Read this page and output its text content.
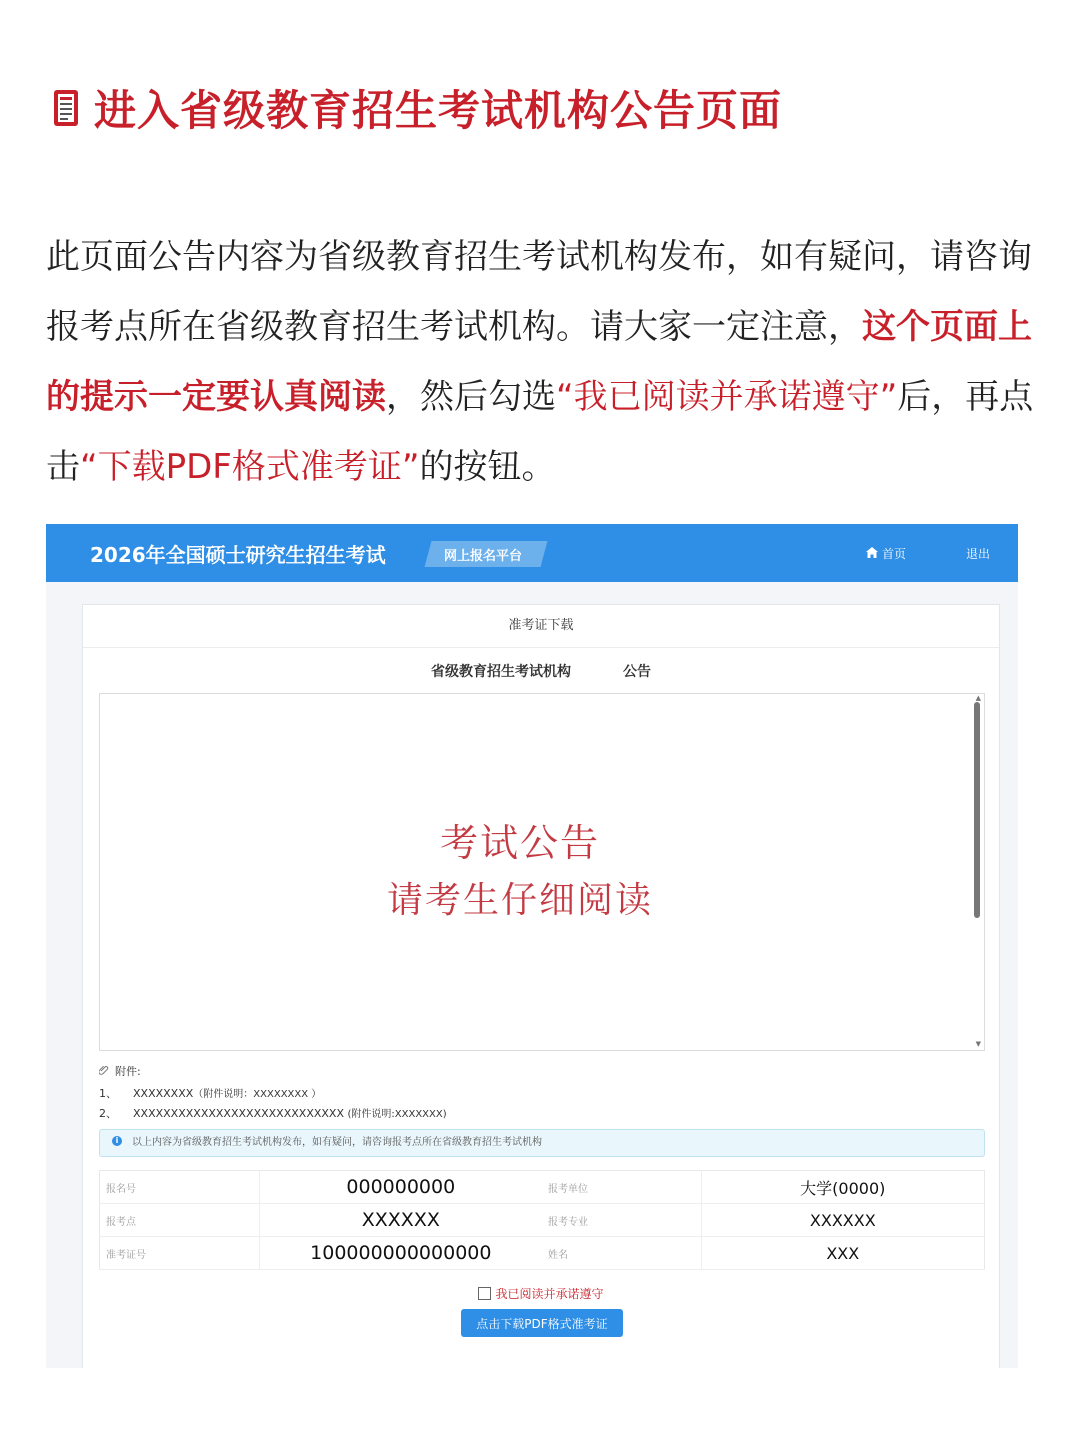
进入省级教育招生考试机构公告页面
此页面公告内容为省级教育招生考试机构发布，如有疑问，请咨询报考点所在省级教育招生考试机构。请大家一定注意，这个页面上的提示一定要认真阅读，然后勾选“我已阅读并承诺遵守”后，再点击“下载PDF格式准考证”的按钮。
2026年全国硕士研究生招生考试	网上报名平台	首页	退出
准考证下载
省级教育招生考试机构	公告
考试公告
请考生仔细阅读
▲
▼
附件:
1、 XXXXXXXX（附件说明：XXXXXXXX ）
2、 XXXXXXXXXXXXXXXXXXXXXXXXXXXX (附件说明:XXXXXXX)
i 以上内容为省级教育招生考试机构发布，如有疑问，请咨询报考点所在省级教育招生考试机构
报名号	000000000	报考单位	大学(0000)
报考点	XXXXXX	报考专业	XXXXXX
准考证号	100000000000000	姓名	XXX
我已阅读并承诺遵守
点击下载PDF格式准考证
